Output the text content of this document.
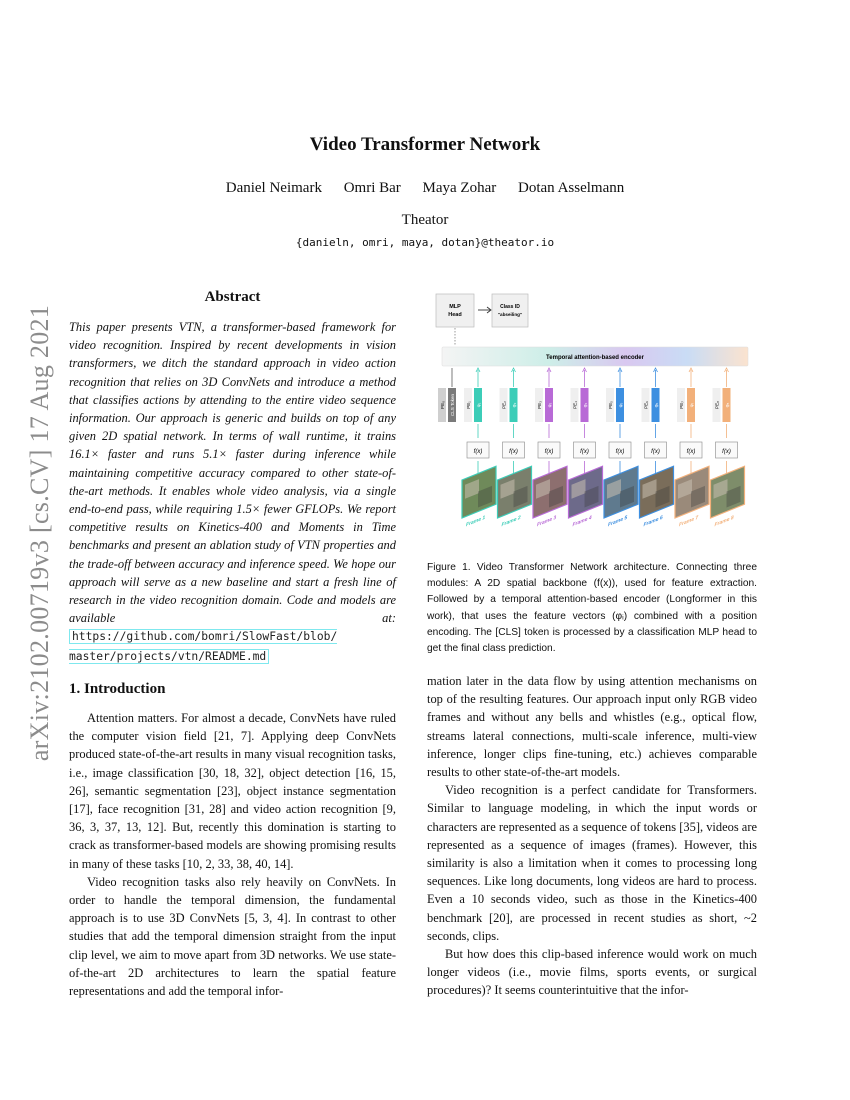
arXiv:2102.00719v3 [cs.CV] 17 Aug 2021
Video Transformer Network
Daniel Neimark Omri Bar Maya Zohar Dotan Asselmann
Theator
{danieln, omri, maya, dotan}@theator.io
Abstract

This paper presents VTN, a transformer-based framework for video recognition. Inspired by recent developments in vision transformers, we ditch the standard approach in video action recognition that relies on 3D ConvNets and introduce a method that classifies actions by attending to the entire video sequence information. Our approach is generic and builds on top of any given 2D spatial network. In terms of wall runtime, it trains 16.1× faster and runs 5.1× faster during inference while maintaining competitive accuracy compared to other state-of-the-art methods. It enables whole video analysis, via a single end-to-end pass, while requiring 1.5× fewer GFLOPs. We report competitive results on Kinetics-400 and Moments in Time benchmarks and present an ablation study of VTN properties and the trade-off between accuracy and inference speed. We hope our approach will serve as a new baseline and start a fresh line of research in the video recognition domain. Code and models are available at: https://github.com/bomri/SlowFast/blob/ master/projects/vtn/README.md

MLP
Head
Class ID
"abseiling"
Temporal attention-based encoder
PE₀ CLS Token PE₁ φ₁	PE₂ φ₂	PE₃ φ₃	PE₄ φ₄	PE₅ φ₅	PE₆ φ₆	PE₇ φ₇	PE₈ φ₈
f(x)	f(x)	f(x)	f(x)	f(x)	f(x)	f(x)	f(x)
Frame 1	Frame 2	Frame 3	Frame 4	Frame 5	Frame 6	Frame 7	Frame 8

Figure 1. Video Transformer Network architecture. Connecting three modules: A 2D spatial backbone (f(x)), used for feature extraction. Followed by a temporal attention-based encoder (Longformer in this work), that uses the feature vectors (φᵢ) combined with a position encoding. The [CLS] token is processed by a classification MLP head to get the final class prediction.

1. Introduction

Attention matters. For almost a decade, ConvNets have ruled the computer vision field [21, 7]. Applying deep ConvNets produced state-of-the-art results in many visual recognition tasks, i.e., image classification [30, 18, 32], object detection [16, 15, 26], semantic segmentation [23], object instance segmentation [17], face recognition [31, 28] and video action recognition [9, 36, 3, 37, 13, 12]. But, recently this domination is starting to crack as transformer-based models are showing promising results in many of these tasks [10, 2, 33, 38, 40, 14].

Video recognition tasks also rely heavily on ConvNets. In order to handle the temporal dimension, the fundamental approach is to use 3D ConvNets [5, 3, 4]. In contrast to other studies that add the temporal dimension straight from the input clip level, we aim to move apart from 3D networks. We use state-of-the-art 2D architectures to learn the spatial feature representations and add the temporal infor-

mation later in the data flow by using attention mechanisms on top of the resulting features. Our approach input only RGB video frames and without any bells and whistles (e.g., optical flow, streams lateral connections, multi-scale inference, multi-view inference, longer clips fine-tuning, etc.) achieves comparable results to other state-of-the-art models.

Video recognition is a perfect candidate for Transformers. Similar to language modeling, in which the input words or characters are represented as a sequence of tokens [35], videos are represented as a sequence of images (frames). However, this similarity is also a limitation when it comes to processing long sequences. Like long documents, long videos are hard to process. Even a 10 seconds video, such as those in the Kinetics-400 benchmark [20], are processed in recent studies as short, ~2 seconds, clips.

But how does this clip-based inference would work on much longer videos (i.e., movie films, sports events, or surgical procedures)? It seems counterintuitive that the infor-
